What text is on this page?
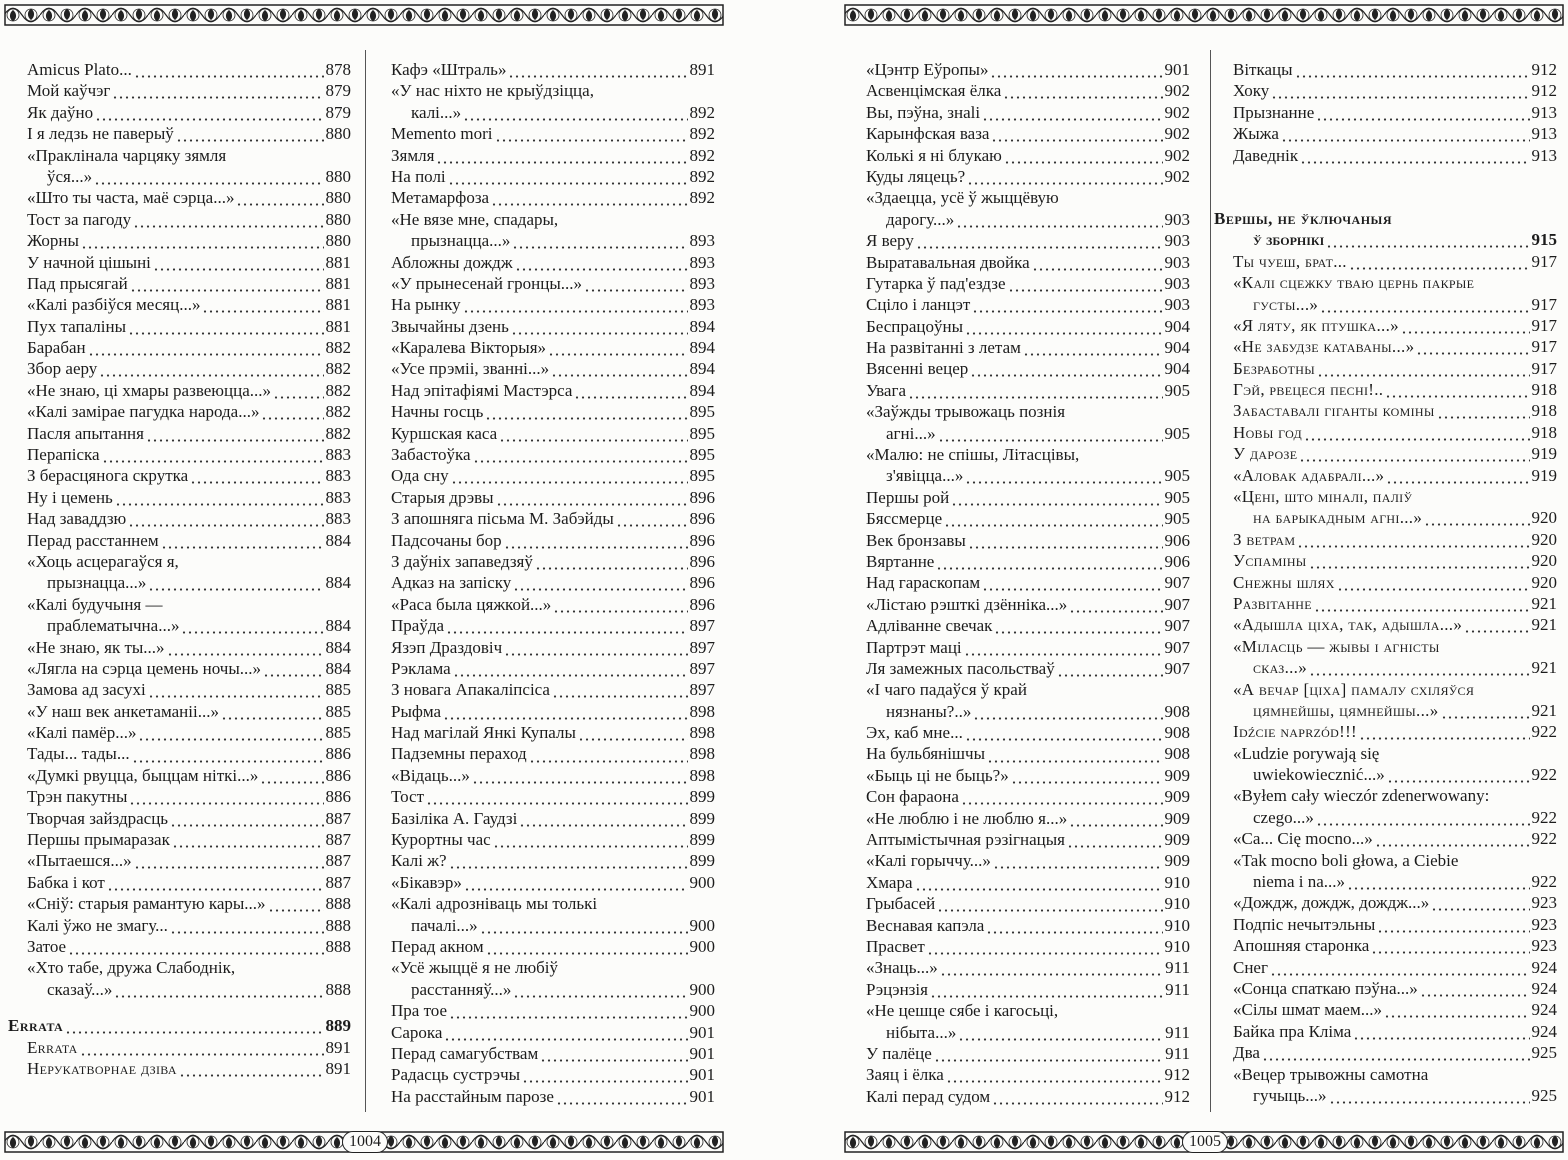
Amicus Plato...	878
Мой каўчэг	879
Як даўно	879
І я ледзь не паверыў	880
«Праклінала чарцяку зямля
ўся...»	880
«Што ты часта, маё сэрца...»	880
Тост за пагоду	880
Жорны	880
У начной цішыні	881
Пад прысягай	881
«Калі разбіўся месяц...»	881
Пух тапаліны	881
Барабан	882
Збор аеру	882
«Не знаю, ці хмары развеюцца...»	882
«Калі замірае пагудка народа...»	882
Пасля апытання	882
Перапіска	883
З берасцянога скрутка	883
Ну і цемень	883
Над заваддзю	883
Перад расстаннем	884
«Хоць асцерагаўся я,
прызнацца...»	884
«Калі будучыня —
праблематычна...»	884
«Не знаю, як ты...»	884
«Лягла на сэрца цемень ночы...»	884
Замова ад засухі	885
«У наш век анкетаманіі...»	885
«Калі памёр...»	885
Тады... тады...	886
«Думкі рвуцца, быццам ніткі...»	886
Трэн пакутны	886
Творчая зайздрасць	887
Першы прымаразак	887
«Пытаешся...»	887
Бабка і кот	887
«Сніў: старыя рамантую кары...»	888
Калі ўжо не змагу...	888
Затое	888
«Хто табе, дружа Слабоднік,
сказаў...»	888
Errata	889
Errata	891
Нерукатворнае дзіва	891
Кафэ «Штраль»	891
«У нас ніхто не крыўдзіцца,
калі...»	892
Memento mori	892
Зямля	892
На полі	892
Метамарфоза	892
«Не вязе мне, спадары,
прызнацца...»	893
Абложны дождж	893
«У прынесенай гронцы...»	893
На рынку	893
Звычайны дзень	894
«Каралева Вікторыя»	894
«Усе прэміі, званні...»	894
Над эпітафіямі Мастэрса	894
Начны госць	895
Куршская каса	895
Забастоўка	895
Ода сну	895
Старыя дрэвы	896
З апошняга пісьма М. Забэйды	896
Падсочаны бор	896
З даўніх запаведзяў	896
Адказ на запіску	896
«Раса была цяжкой...»	896
Праўда	897
Язэп Драздовіч	897
Рэклама	897
З новага Апакаліпсіса	897
Рыфма	898
Над магілай Янкі Купалы	898
Падземны пераход	898
«Відаць...»	898
Тост	899
Базіліка А. Гаудзі	899
Курортны час	899
Калі ж?	899
«Бікавэр»	900
«Калі адрозніваць мы толькі
пачалі...»	900
Перад акном	900
«Усё жыццё я не любіў
расстанняў...»	900
Пра тое	900
Сарока	901
Перад самагубствам	901
Радасць сустрэчы	901
На расстайным парозе	901
1004
«Цэнтр Еўропы»	901
Асвенцімская ёлка	902
Вы, пэўна, знalі	902
Карынфская ваза	902
Колькі я ні блукаю	902
Куды ляцець?	902
«Здаецца, усё ў жыццёвую
дарогу...»	903
Я веру	903
Выратавальная двойка	903
Гутарка ў пад'ездзе	903
Сціло і ланцэт	903
Беспрацоўны	904
На развітанні з летам	904
Вясенні вецер	904
Увага	905
«Заўжды трывожаць познія
агні...»	905
«Малю: не спішы, Літасцівы,
з'явіцца...»	905
Першы рой	905
Бяссмерце	905
Век бронзавы	906
Вяртанне	906
Над гараскопам	907
«Лістаю рэшткі дзённіка...»	907
Адліванне свечак	907
Партрэт маці	907
Ля замежных пасольстваў	907
«І чаго падаўся ў край
нязнаны?..»	908
Эх, каб мне...	908
На бульбянішчы	908
«Быць ці не быць?»	909
Сон фараона	909
«Не люблю і не люблю я...»	909
Аптымістычная рэзігнацыя	909
«Калі горыччу...»	909
Хмара	910
Грыбасей	910
Веснавая капэла	910
Прасвет	910
«Знаць...»	911
Рэцэнзія	911
«Не цешце сябе і кагосьці,
нібыта...»	911
У палёце	911
Заяц і ёлка	912
Калі перад судом	912
Віткацы	912
Хоку	912
Прызнанне	913
Жыжа	913
Даведнік	913
Вершы, не ўключаныя
ў зборнікі	915
Ты чуеш, брат...	917
«Калі сцежку тваю цернь пакрые
густы...»	917
«Я ляту, як птушка...»	917
«Не забудзе катаваны...»	917
Безработны	917
Гэй, рвецеся песні!..	918
Забаставалі гіганты коміны	918
Новы год	918
У дарозе	919
«Аловак адабралі...»	919
«Цені, што міналі, паліў
на барыкадным агні...»	920
З ветрам	920
Успаміны	920
Снежны шлях	920
Развітанне	921
«Адышла ціха, так, адышла...»	921
«Міласць — жывы і агністы
сказ...»	921
«А вечар [ціха] памалу схіляўся
цямнейшы, цямнейшы...»	921
Idźcie naprzód!!!	922
«Ludzie porywają się
uwiekowiecznić...»	922
«Byłem cały wieczór zdenerwowany:
czego...»	922
«Ca... Cię mocno...»	922
«Tak mocno boli głowa, a Ciebie
niema i na...»	922
«Дождж, дождж, дождж...»	923
Подпіс нечытэльны	923
Апошняя старонка	923
Снег	924
«Сонца спаткаю пэўна...»	924
«Сілы шмат маем...»	924
Байка пра Кліма	924
Два	925
«Вецер трывожны самотна
гучыць...»	925
1005
